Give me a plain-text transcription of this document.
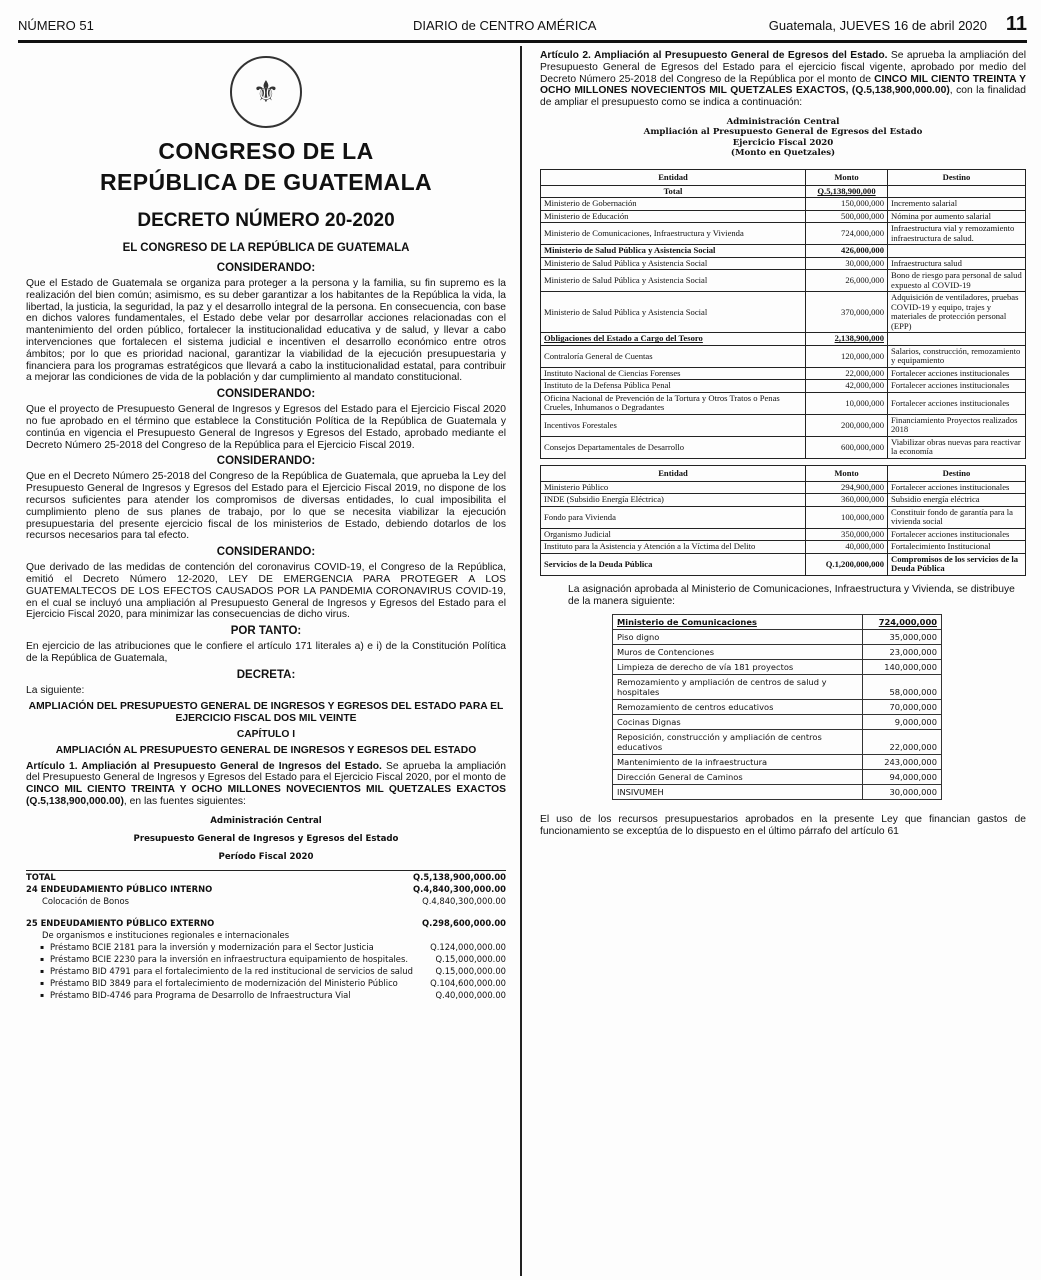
NÚMERO 51	DIARIO de CENTRO AMÉRICA	Guatemala, JUEVES 16 de abril 2020 11
⚜
CONGRESO DE LA
REPÚBLICA DE GUATEMALA
DECRETO NÚMERO 20-2020
EL CONGRESO DE LA REPÚBLICA DE GUATEMALA
CONSIDERANDO:

Que el Estado de Guatemala se organiza para proteger a la persona y la familia, su fin supremo es la realización del bien común; asimismo, es su deber garantizar a los habitantes de la República la vida, la libertad, la justicia, la seguridad, la paz y el desarrollo integral de la persona. En consecuencia, con base en dichos valores fundamentales, el Estado debe velar por desarrollar acciones relacionadas con el mantenimiento del orden público, fortalecer la institucionalidad educativa y de salud, y llevar a cabo intervenciones que fortalecen el sistema judicial e incentiven el desarrollo económico entre otros ámbitos; por lo que es prioridad nacional, garantizar la viabilidad de la ejecución presupuestaria y financiera para los programas estratégicos que llevará a cabo la institucionalidad estatal, para contribuir a mejorar las condiciones de vida de la población y dar cumplimiento al mandato constitucional.

CONSIDERANDO:

Que el proyecto de Presupuesto General de Ingresos y Egresos del Estado para el Ejercicio Fiscal 2020 no fue aprobado en el término que establece la Constitución Política de la República de Guatemala y continúa en vigencia el Presupuesto General de Ingresos y Egresos del Estado, aprobado mediante el Decreto Número 25-2018 del Congreso de la República para el Ejercicio Fiscal 2019.

CONSIDERANDO:

Que en el Decreto Número 25-2018 del Congreso de la República de Guatemala, que aprueba la Ley del Presupuesto General de Ingresos y Egresos del Estado para el Ejercicio Fiscal 2019, no dispone de los recursos suficientes para atender los compromisos de diversas entidades, lo cual imposibilita el cumplimiento pleno de sus planes de trabajo, por lo que se necesita viabilizar la ejecución presupuestaria del presente ejercicio fiscal de los ministerios de Estado, debiendo dotarlos de los recursos necesarios para tal efecto.

CONSIDERANDO:

Que derivado de las medidas de contención del coronavirus COVID-19, el Congreso de la República, emitió el Decreto Número 12-2020, LEY DE EMERGENCIA PARA PROTEGER A LOS GUATEMALTECOS DE LOS EFECTOS CAUSADOS POR LA PANDEMIA CORONAVIRUS COVID-19, en el cual se incluyó una ampliación al Presupuesto General de Ingresos y Egresos del Estado para el Ejercicio Fiscal 2020, para minimizar las consecuencias de dicho virus.

POR TANTO:

En ejercicio de las atribuciones que le confiere el artículo 171 literales a) e i) de la Constitución Política de la República de Guatemala,

DECRETA:

La siguiente:

AMPLIACIÓN DEL PRESUPUESTO GENERAL DE INGRESOS Y EGRESOS DEL ESTADO PARA EL EJERCICIO FISCAL DOS MIL VEINTE
CAPÍTULO I
AMPLIACIÓN AL PRESUPUESTO GENERAL DE INGRESOS Y EGRESOS DEL ESTADO

Artículo 1. Ampliación al Presupuesto General de Ingresos del Estado. Se aprueba la ampliación del Presupuesto General de Ingresos y Egresos del Estado para el Ejercicio Fiscal 2020, por el monto de CINCO MIL CIENTO TREINTA Y OCHO MILLONES NOVECIENTOS MIL QUETZALES EXACTOS (Q.5,138,900,000.00), en las fuentes siguientes:

Administración Central
Presupuesto General de Ingresos y Egresos del Estado
Período Fiscal 2020
TOTAL	Q.5,138,900,000.00
24 ENDEUDAMIENTO PÚBLICO INTERNO	Q.4,840,300,000.00
Colocación de Bonos	Q.4,840,300,000.00

25 ENDEUDAMIENTO PÚBLICO EXTERNO	Q.298,600,000.00
De organismos e instituciones regionales e internacionales	
▪ Préstamo BCIE 2181 para la inversión y modernización para el Sector Justicia	Q.124,000,000.00
▪ Préstamo BCIE 2230 para la inversión en infraestructura equipamiento de hospitales.	Q.15,000,000.00
▪ Préstamo BID 4791 para el fortalecimiento de la red institucional de servicios de salud	Q.15,000,000.00
▪ Préstamo BID 3849 para el fortalecimiento de modernización del Ministerio Público	Q.104,600,000.00
▪ Préstamo BID-4746 para Programa de Desarrollo de Infraestructura Vial	Q.40,000,000.00

Artículo 2. Ampliación al Presupuesto General de Egresos del Estado. Se aprueba la ampliación del Presupuesto General de Egresos del Estado para el ejercicio fiscal vigente, aprobado por medio del Decreto Número 25-2018 del Congreso de la República por el monto de CINCO MIL CIENTO TREINTA Y OCHO MILLONES NOVECIENTOS MIL QUETZALES EXACTOS, (Q.5,138,900,000.00), con la finalidad de ampliar el presupuesto como se indica a continuación:

Administración Central
Ampliación al Presupuesto General de Egresos del Estado
Ejercicio Fiscal 2020
(Monto en Quetzales)
Entidad	Monto	Destino
Total	Q.5,138,900,000	
Ministerio de Gobernación	150,000,000	Incremento salarial
Ministerio de Educación	500,000,000	Nómina por aumento salarial
Ministerio de Comunicaciones, Infraestructura y Vivienda	724,000,000	Infraestructura vial y remozamiento infraestructura de salud.
Ministerio de Salud Pública y Asistencia Social	426,000,000	
Ministerio de Salud Pública y Asistencia Social	30,000,000	Infraestructura salud
Ministerio de Salud Pública y Asistencia Social	26,000,000	Bono de riesgo para personal de salud expuesto al COVID-19
Ministerio de Salud Pública y Asistencia Social	370,000,000	Adquisición de ventiladores, pruebas COVID-19 y equipo, trajes y materiales de protección personal (EPP)
Obligaciones del Estado a Cargo del Tesoro	2,138,900,000	
Contraloría General de Cuentas	120,000,000	Salarios, construcción, remozamiento y equipamiento
Instituto Nacional de Ciencias Forenses	22,000,000	Fortalecer acciones institucionales
Instituto de la Defensa Pública Penal	42,000,000	Fortalecer acciones institucionales
Oficina Nacional de Prevención de la Tortura y Otros Tratos o Penas Crueles, Inhumanos o Degradantes	10,000,000	Fortalecer acciones institucionales
Incentivos Forestales	200,000,000	Financiamiento Proyectos realizados 2018
Consejos Departamentales de Desarrollo	600,000,000	Viabilizar obras nuevas para reactivar la economía
Entidad	Monto	Destino
Ministerio Público	294,900,000	Fortalecer acciones institucionales
INDE (Subsidio Energía Eléctrica)	360,000,000	Subsidio energía eléctrica
Fondo para Vivienda	100,000,000	Constituir fondo de garantía para la vivienda social
Organismo Judicial	350,000,000	Fortalecer acciones institucionales
Instituto para la Asistencia y Atención a la Víctima del Delito	40,000,000	Fortalecimiento Institucional
Servicios de la Deuda Pública	Q.1,200,000,000	Compromisos de los servicios de la Deuda Pública

La asignación aprobada al Ministerio de Comunicaciones, Infraestructura y Vivienda, se distribuye de la manera siguiente:

Ministerio de Comunicaciones	724,000,000
Piso digno	35,000,000
Muros de Contenciones	23,000,000
Limpieza de derecho de vía 181 proyectos	140,000,000
Remozamiento y ampliación de centros de salud y hospitales	58,000,000
Remozamiento de centros educativos	70,000,000
Cocinas Dignas	9,000,000
Reposición, construcción y ampliación de centros educativos	22,000,000
Mantenimiento de la infraestructura	243,000,000
Dirección General de Caminos	94,000,000
INSIVUMEH	30,000,000

El uso de los recursos presupuestarios aprobados en la presente Ley que financian gastos de funcionamiento se exceptúa de lo dispuesto en el último párrafo del artículo 61
